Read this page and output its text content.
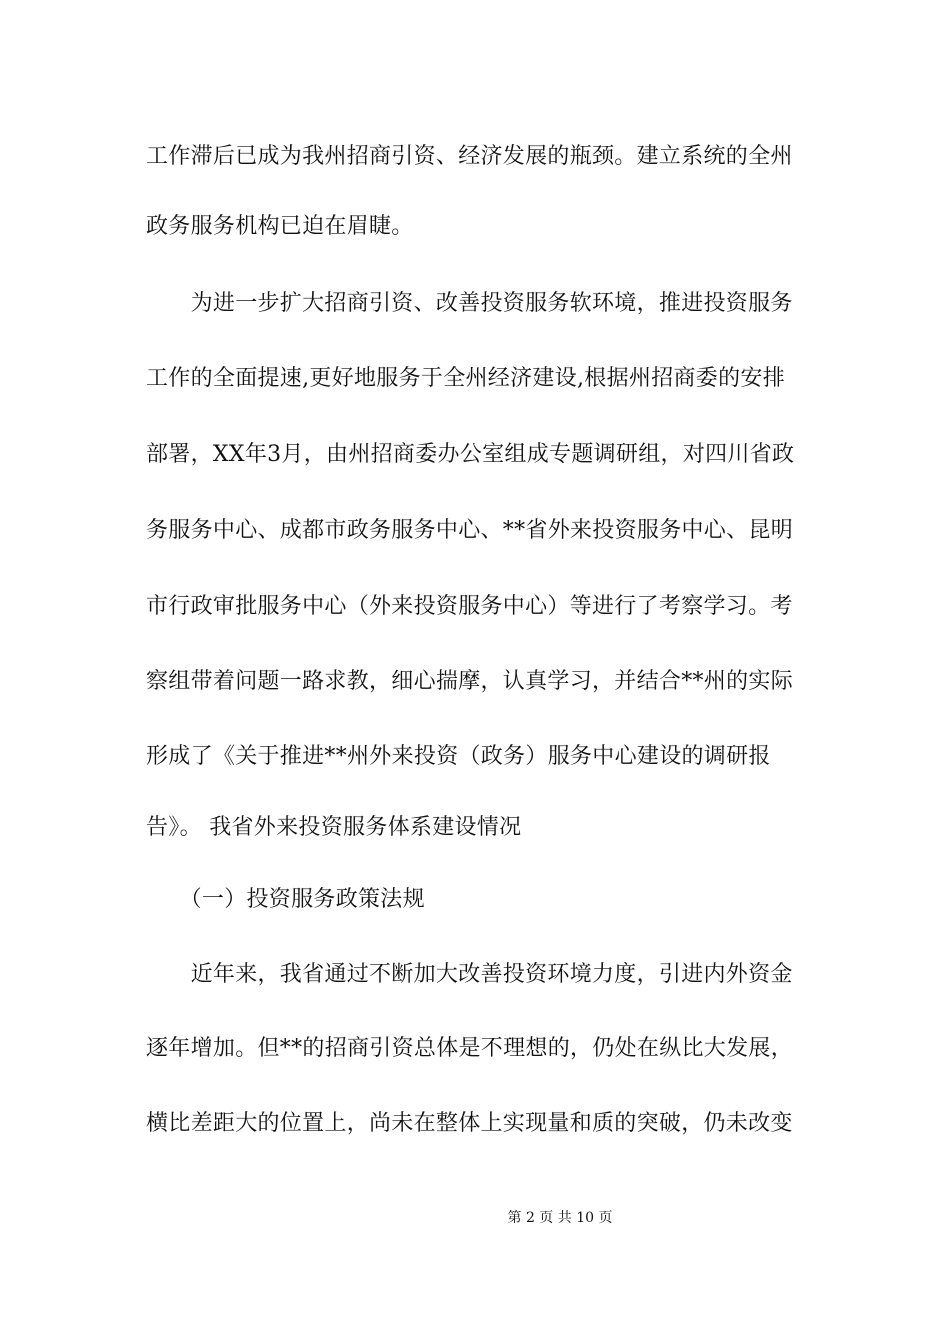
工作滞后已成为我州招商引资、经济发展的瓶颈。建立系统的全州
政务服务机构已迫在眉睫。
　　为进一步扩大招商引资、改善投资服务软环境，推进投资服务
工作的全面提速,更好地服务于全州经济建设,根据州招商委的安排
部署，XX年3月，由州招商委办公室组成专题调研组，对四川省政
务服务中心、成都市政务服务中心、**省外来投资服务中心、昆明
市行政审批服务中心（外来投资服务中心）等进行了考察学习。考
察组带着问题一路求教，细心揣摩，认真学习，并结合**州的实际
形成了《关于推进**州外来投资（政务）服务中心建设的调研报
告》。 我省外来投资服务体系建设情况
　　（一）投资服务政策法规
　　近年来，我省通过不断加大改善投资环境力度，引进内外资金
逐年增加。但**的招商引资总体是不理想的，仍处在纵比大发展，
横比差距大的位置上，尚未在整体上实现量和质的突破，仍未改变
第 2 页 共 10 页
